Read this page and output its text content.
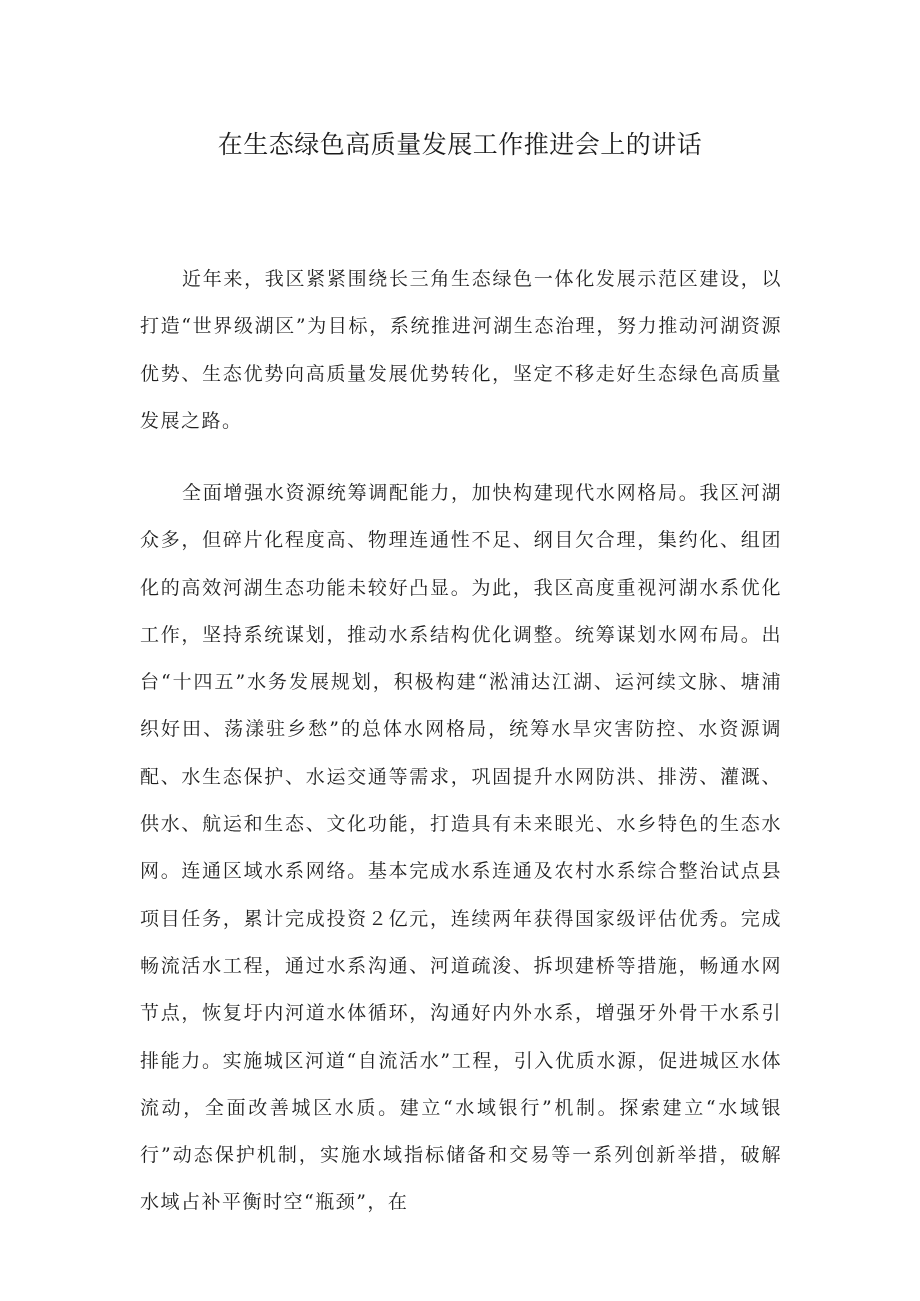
在生态绿色高质量发展工作推进会上的讲话

近年来，我区紧紧围绕长三角生态绿色一体化发展示范区建设，以打造“世界级湖区”为目标，系统推进河湖生态治理，努力推动河湖资源优势、生态优势向高质量发展优势转化，坚定不移走好生态绿色高质量发展之路。

全面增强水资源统筹调配能力，加快构建现代水网格局。我区河湖众多，但碎片化程度高、物理连通性不足、纲目欠合理，集约化、组团化的高效河湖生态功能未较好凸显。为此，我区高度重视河湖水系优化工作，坚持系统谋划，推动水系结构优化调整。统筹谋划水网布局。出台“十四五”水务发展规划，积极构建“淞浦达江湖、运河续文脉、塘浦织好田、荡漾驻乡愁”的总体水网格局，统筹水旱灾害防控、水资源调配、水生态保护、水运交通等需求，巩固提升水网防洪、排涝、灌溉、供水、航运和生态、文化功能，打造具有未来眼光、水乡特色的生态水网。连通区域水系网络。基本完成水系连通及农村水系综合整治试点县项目任务，累计完成投资２亿元，连续两年获得国家级评估优秀。完成畅流活水工程，通过水系沟通、河道疏浚、拆坝建桥等措施，畅通水网节点，恢复圩内河道水体循环，沟通好内外水系，增强牙外骨干水系引排能力。实施城区河道“自流活水”工程，引入优质水源，促进城区水体流动，全面改善城区水质。建立“水域银行”机制。探索建立“水域银行”动态保护机制，实施水域指标储备和交易等一系列创新举措，破解水域占补平衡时空“瓶颈”，在
